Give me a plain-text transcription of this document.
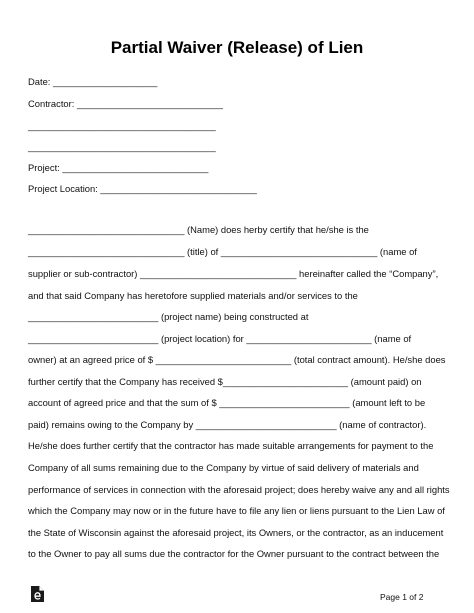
Partial Waiver (Release) of Lien
Date: ____________________
Contractor: ____________________________
____________________________________
____________________________________
Project: ____________________________
Project Location: ______________________________
______________________________ (Name) does herby certify that he/she is the
______________________________ (title) of ______________________________ (name of
supplier or sub-contractor) ______________________________ hereinafter called the “Company”,
and that said Company has heretofore supplied materials and/or services to the
_________________________ (project name) being constructed at
_________________________ (project location) for ________________________ (name of
owner) at an agreed price of $ __________________________ (total contract amount). He/she does
further certify that the Company has received $________________________ (amount paid) on
account of agreed price and that the sum of $ _________________________ (amount left to be
paid) remains owing to the Company by ___________________________ (name of contractor).
He/she does further certify that the contractor has made suitable arrangements for payment to the
Company of all sums remaining due to the Company by virtue of said delivery of materials and
performance of services in connection with the aforesaid project; does hereby waive any and all rights
which the Company may now or in the future have to file any lien or liens pursuant to the Lien Law of
the State of Wisconsin against the aforesaid project, its Owners, or the contractor, as an inducement
to the Owner to pay all sums due the contractor for the Owner pursuant to the contract between the
Page 1 of 2
